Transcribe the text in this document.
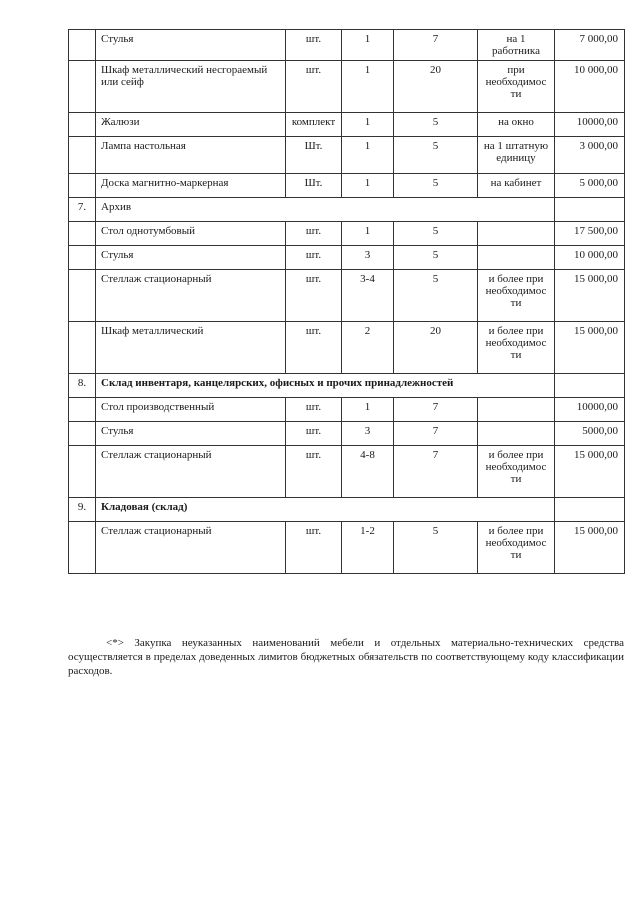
	Стулья	шт.	1	7	на 1 работника	7 000,00
	Шкаф металлический несгораемый или сейф	шт.	1	20	при необходимос ти	10 000,00
	Жалюзи	комплект	1	5	на окно	10000,00
	Лампа настольная	Шт.	1	5	на 1 штатную единицу	3 000,00
	Доска магнитно-маркерная	Шт.	1	5	на кабинет	5 000,00
7.	Архив					
	Стол однотумбовый	шт.	1	5		17 500,00
	Стулья	шт.	3	5		10 000,00
	Стеллаж стационарный	шт.	3-4	5	и более при необходимос ти	15 000,00
	Шкаф металлический	шт.	2	20	и более при необходимос ти	15 000,00
8.	Склад инвентаря, канцелярских, офисных и прочих принадлежностей					
	Стол производственный	шт.	1	7		10000,00
	Стулья	шт.	3	7		5000,00
	Стеллаж стационарный	шт.	4-8	7	и более при необходимос ти	15 000,00
9.	Кладовая (склад)					
	Стеллаж стационарный	шт.	1-2	5	и более при необходимос ти	15 000,00

<*> Закупка неуказанных наименований мебели и отдельных материально-технических средства осуществляется в пределах доведенных лимитов бюджетных обязательств по соответствующему коду классификации расходов.
